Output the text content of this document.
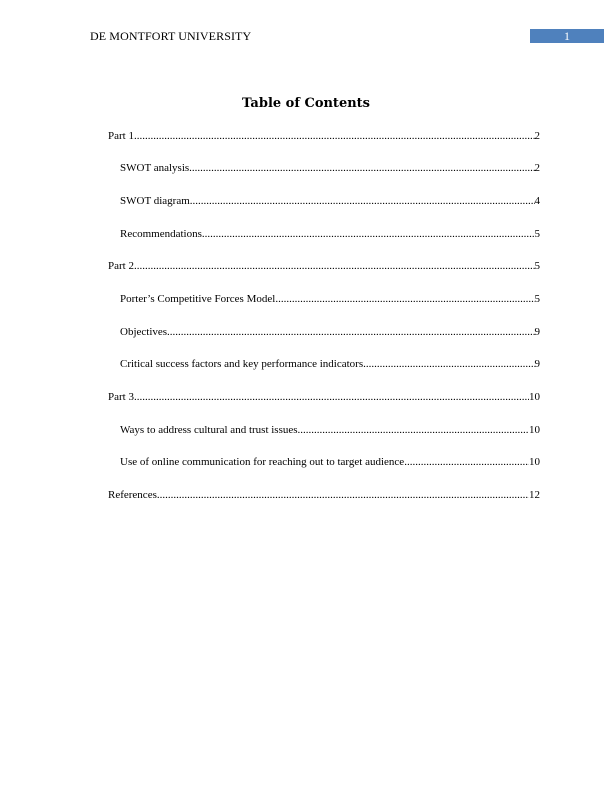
DE MONTFORT UNIVERSITY	1
Table of Contents
Part 1 .....	2
SWOT analysis .....	2
SWOT diagram .....	4
Recommendations .....	5
Part 2 .....	5
Porter’s Competitive Forces Model .....	5
Objectives .....	9
Critical success factors and key performance indicators .....	9
Part 3 .....	10
Ways to address cultural and trust issues .....	10
Use of online communication for reaching out to target audience .....	10
References .....	12
